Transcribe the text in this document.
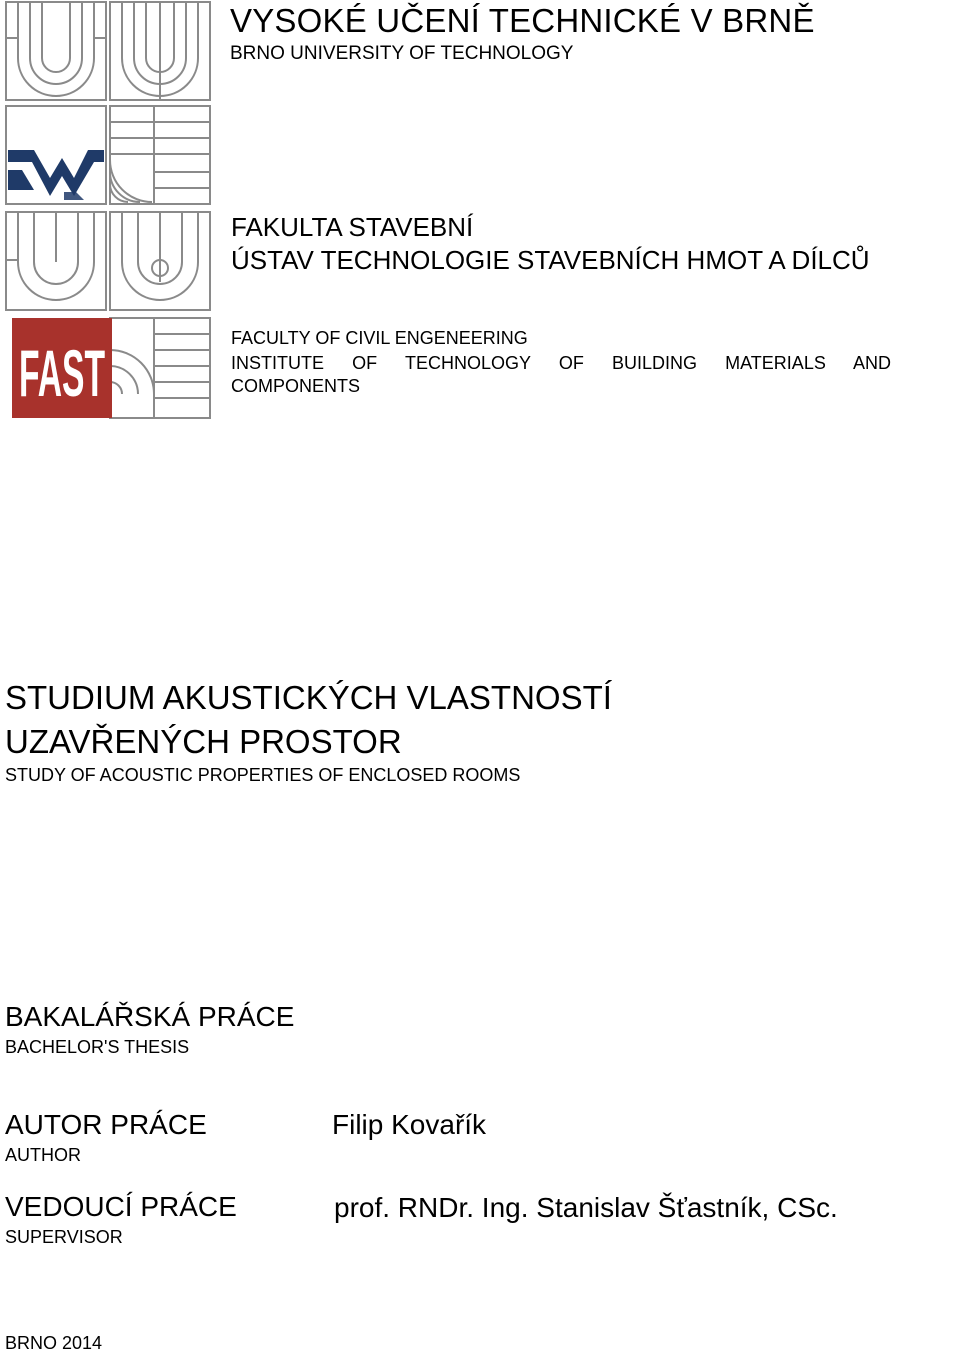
FAST
VYSOKÉ UČENÍ TECHNICKÉ V BRNĚ
BRNO UNIVERSITY OF TECHNOLOGY
FAKULTA STAVEBNÍ
ÚSTAV TECHNOLOGIE STAVEBNÍCH HMOT A DÍLCŮ
FACULTY OF CIVIL ENGENEERING
INSTITUTE OF TECHNOLOGY OF BUILDING MATERIALS AND
COMPONENTS
STUDIUM AKUSTICKÝCH VLASTNOSTÍ UZAVŘENÝCH PROSTOR
STUDY OF ACOUSTIC PROPERTIES OF ENCLOSED ROOMS
BAKALÁŘSKÁ PRÁCE
BACHELOR'S THESIS
AUTOR PRÁCE
AUTHOR
Filip Kovařík
VEDOUCÍ PRÁCE
SUPERVISOR
prof. RNDr. Ing. Stanislav Šťastník, CSc.
BRNO 2014
